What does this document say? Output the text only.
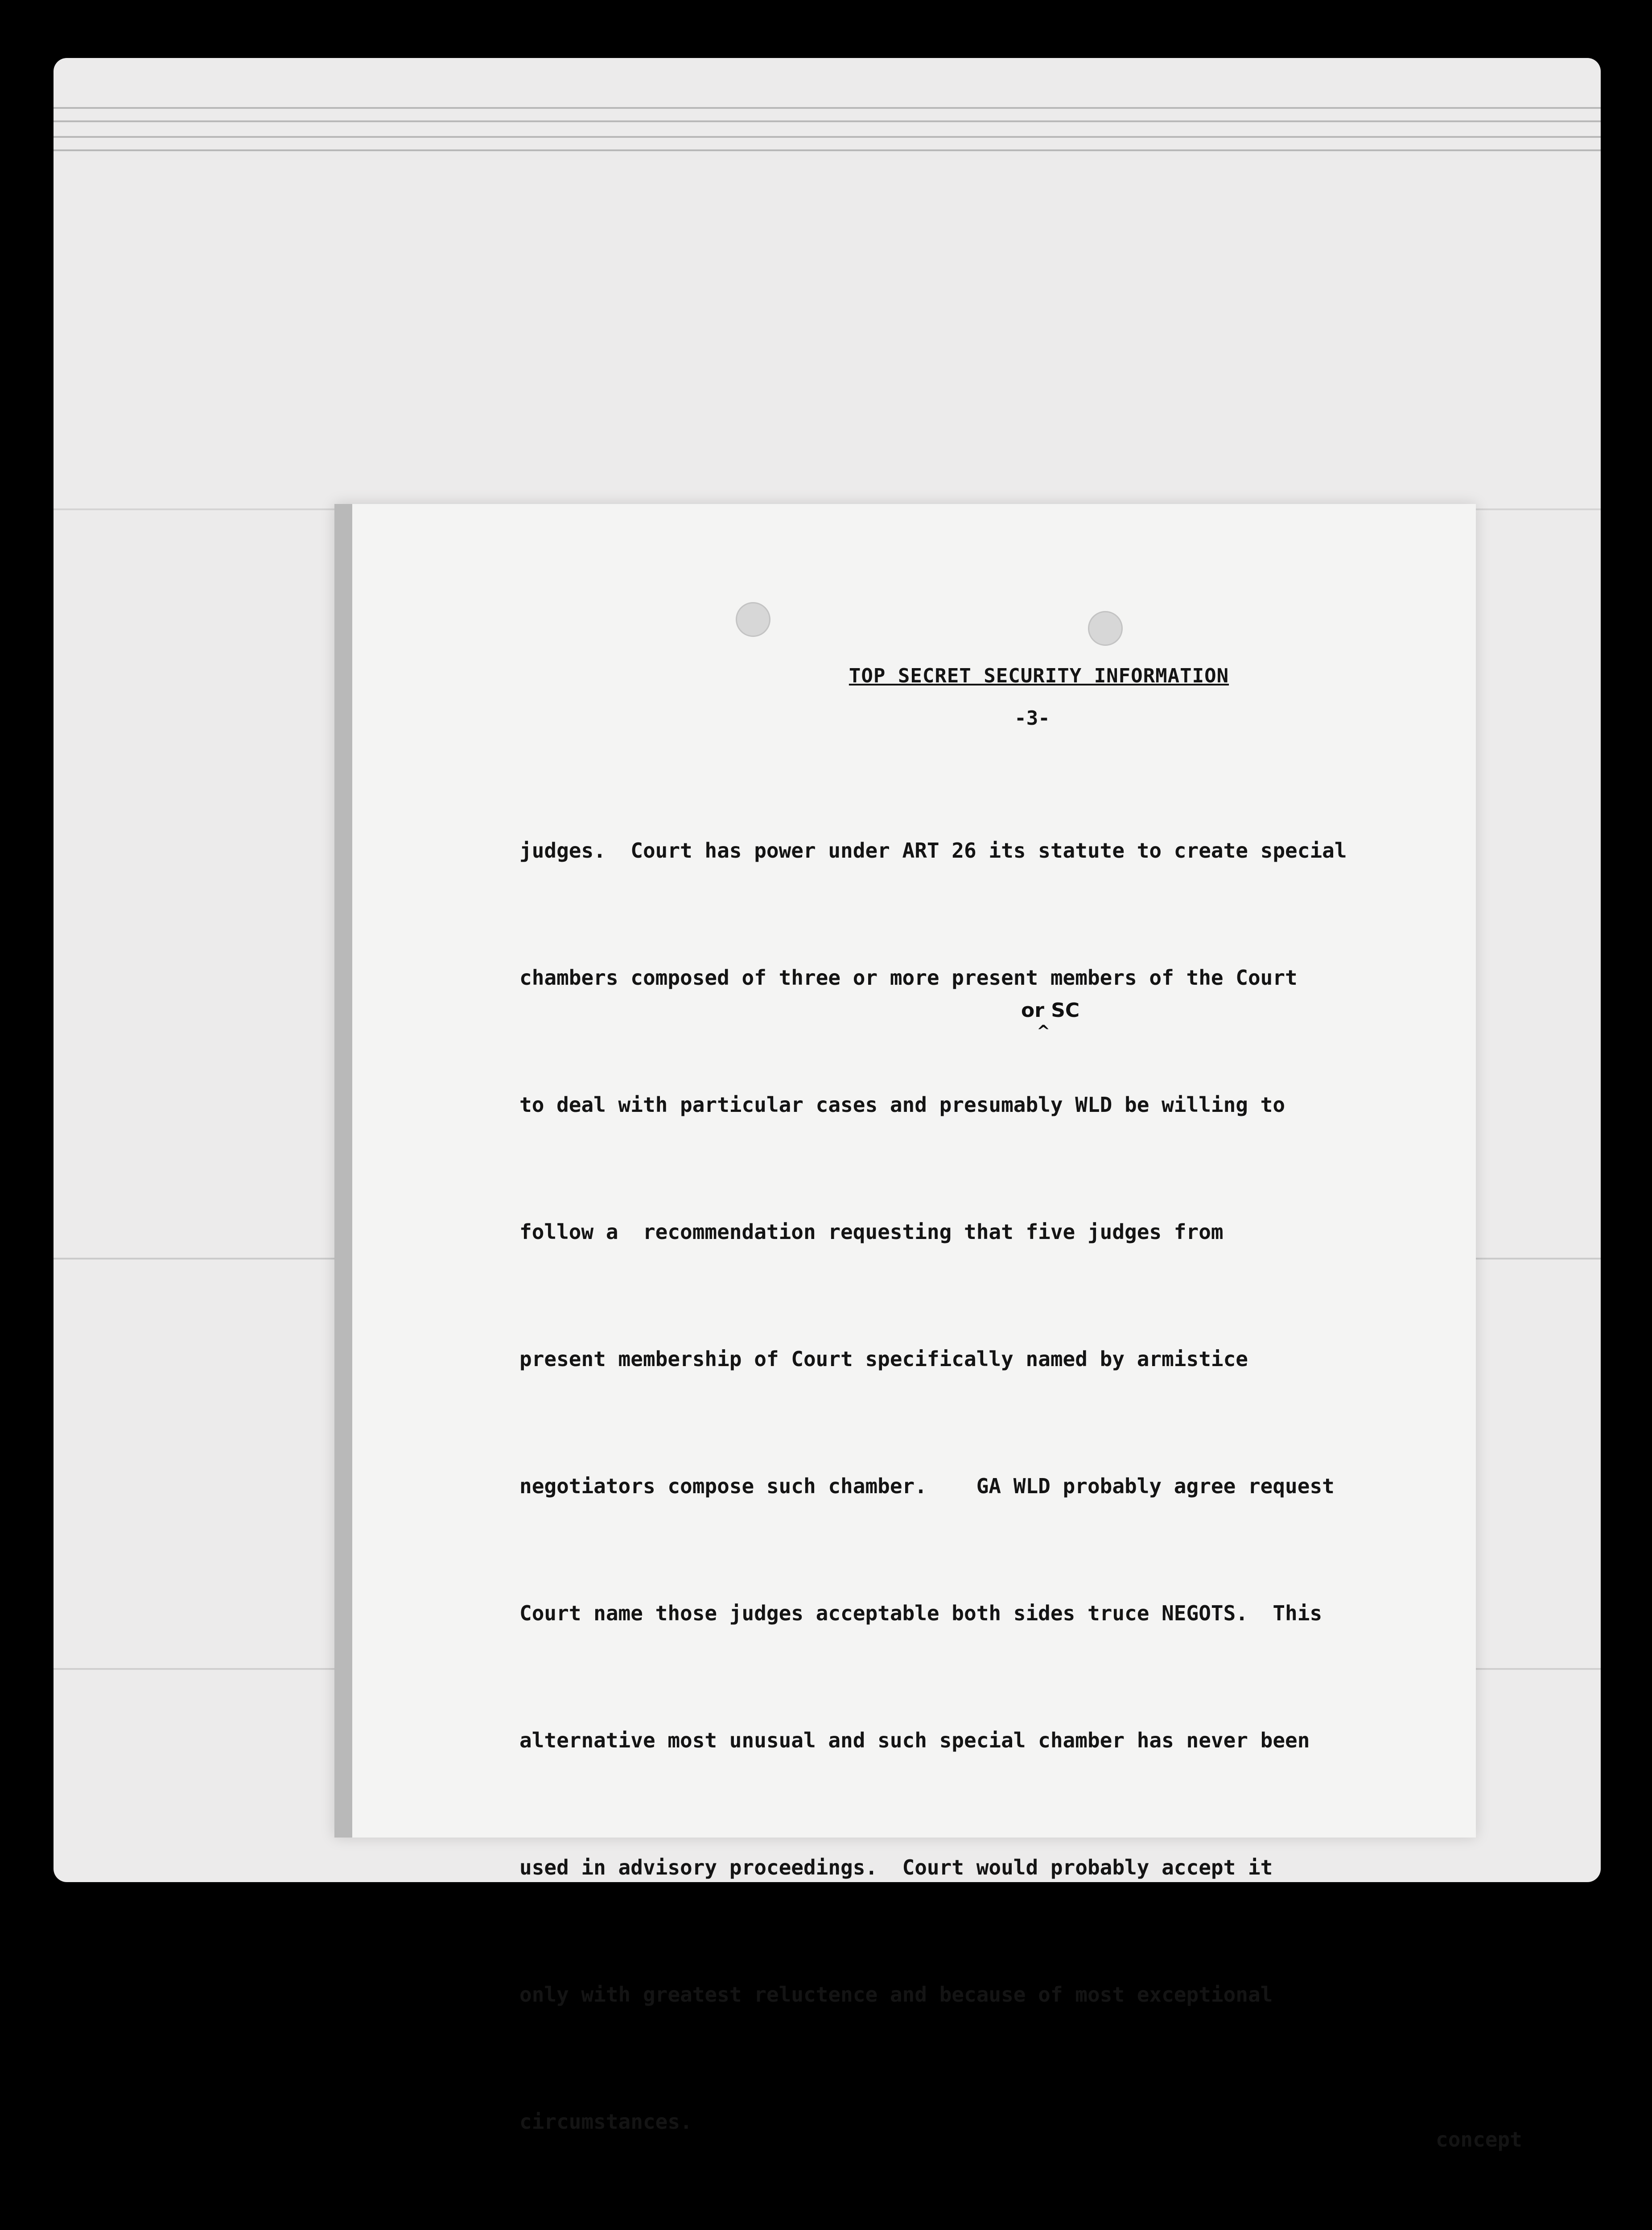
TOP SECRET SECURITY INFORMATION
-3-

judges.  Court has power under ART 26 its statute to create special

chambers composed of three or more present members of the Court

to deal with particular cases and presumably WLD be willing to

follow a  recommendation requesting that five judges from

present membership of Court specifically named by armistice

negotiators compose such chamber.    GA WLD probably agree request

Court name those judges acceptable both sides truce NEGOTS.  This

alternative most unusual and such special chamber has never been

used in advisory proceedings.  Court would probably accept it

only with greatest reluctence and because of most exceptional

circumstances.

or SC
^
concept
